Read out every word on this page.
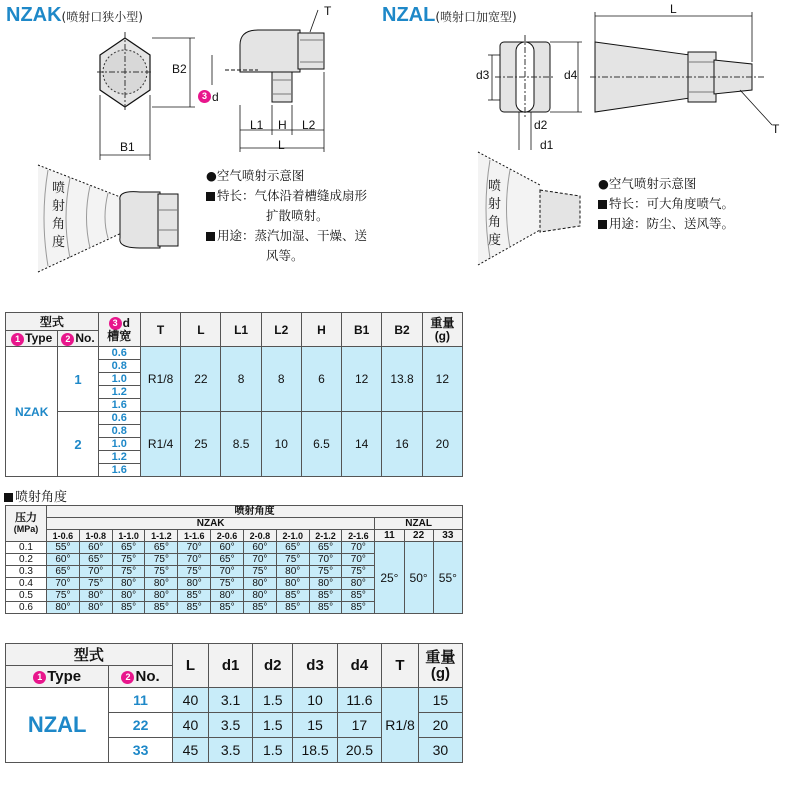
NZAK(喷射口狭小型)	T
B2
B1
3 d
L1 H L2
L
喷
射
角
度
●空气喷射示意图
特长：气体沿着槽缝成扇形
扩散喷射。
用途：蒸汽加湿、干燥、送
风等。
NZAL(喷射口加宽型)
L
d3	d4
d2
d1
T
喷
射
角
度
●空气喷射示意图
特长：可大角度喷气。
用途：防尘、送风等。
型式		3 d
槽宽	T	L	L1	L2	H	B1	B2	重量
(g)
1 Type	2 No.									
NZAK	1	0.6	R1/8	22	8	8	6	12	13.8	12
		0.8								
		1.0								
		1.2								
		1.6								
	2	0.6	R1/4	25	8.5	10	6.5	14	16	20
		0.8								
		1.0								
		1.2								
		1.6								
喷射角度
压力
(MPa)	喷射角度												
	NZAK										NZAL		
	1-0.6	1-0.8	1-1.0	1-1.2	1-1.6	2-0.6	2-0.8	2-1.0	2-1.2	2-1.6	11	22	33
0.1	55°	60°	65°	65°	70°	60°	60°	65°	65°	70°	25°	50°	55°
0.2	60°	65°	75°	75°	70°	65°	70°	75°	70°	70°			
0.3	65°	70°	75°	75°	75°	70°	75°	80°	75°	75°			
0.4	70°	75°	80°	80°	80°	75°	80°	80°	80°	80°			
0.5	75°	80°	80°	80°	85°	80°	80°	85°	85°	85°			
0.6	80°	80°	85°	85°	85°	85°	85°	85°	85°	85°			
型式		L	d1	d2	d3	d4	T	重量
(g)
1 Type	2 No.							
NZAL	11	40	3.1	1.5	10	11.6	R1/8	15
	22	40	3.5	1.5	15	17		20
	33	45	3.5	1.5	18.5	20.5		30
